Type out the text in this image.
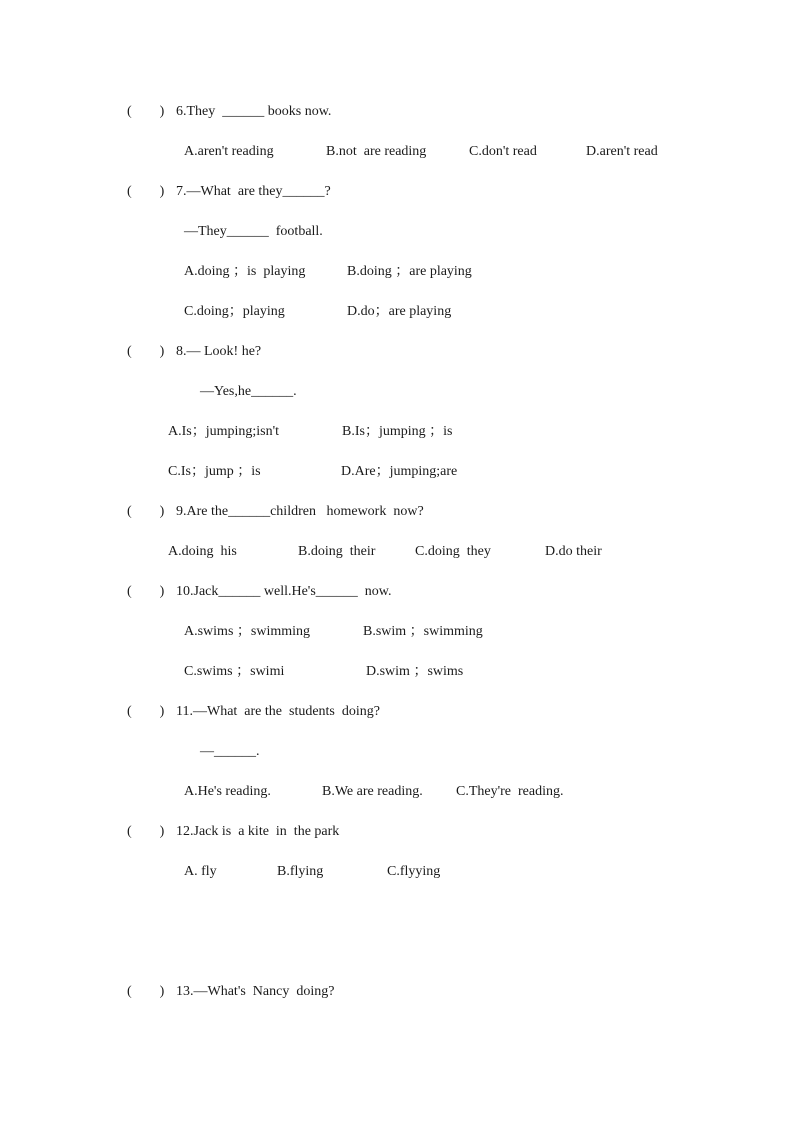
(        ) 6.They  ______ books now.
A.aren't reading	B.not  are reading	C.don't read	D.aren't read
(        ) 7.—What  are they______?
—They______  football.
A.doing ；is  playing	B.doing ；are playing
C.doing；playing	D.do；are playing
(        ) 8.— Look! he?
—Yes,he______.
A.Is；jumping;isn't	B.Is；jumping ；is
C.Is；jump ；is	D.Are；jumping;are
(        ) 9.Are the______children   homework  now?
A.doing  his	B.doing  their	C.doing  they	D.do their
(        ) 10.Jack______ well.He's______  now.
A.swims ；swimming	B.swim ；swimming
C.swims ；swimi	D.swim ；swims
(        ) 11.—What  are the  students  doing?
—______.
A.He's reading.	B.We are reading. C.They're  reading.
(        ) 12.Jack is  a kite  in  the park
A. fly	B.flying	C.flyying
(        ) 13.—What's  Nancy  doing?
